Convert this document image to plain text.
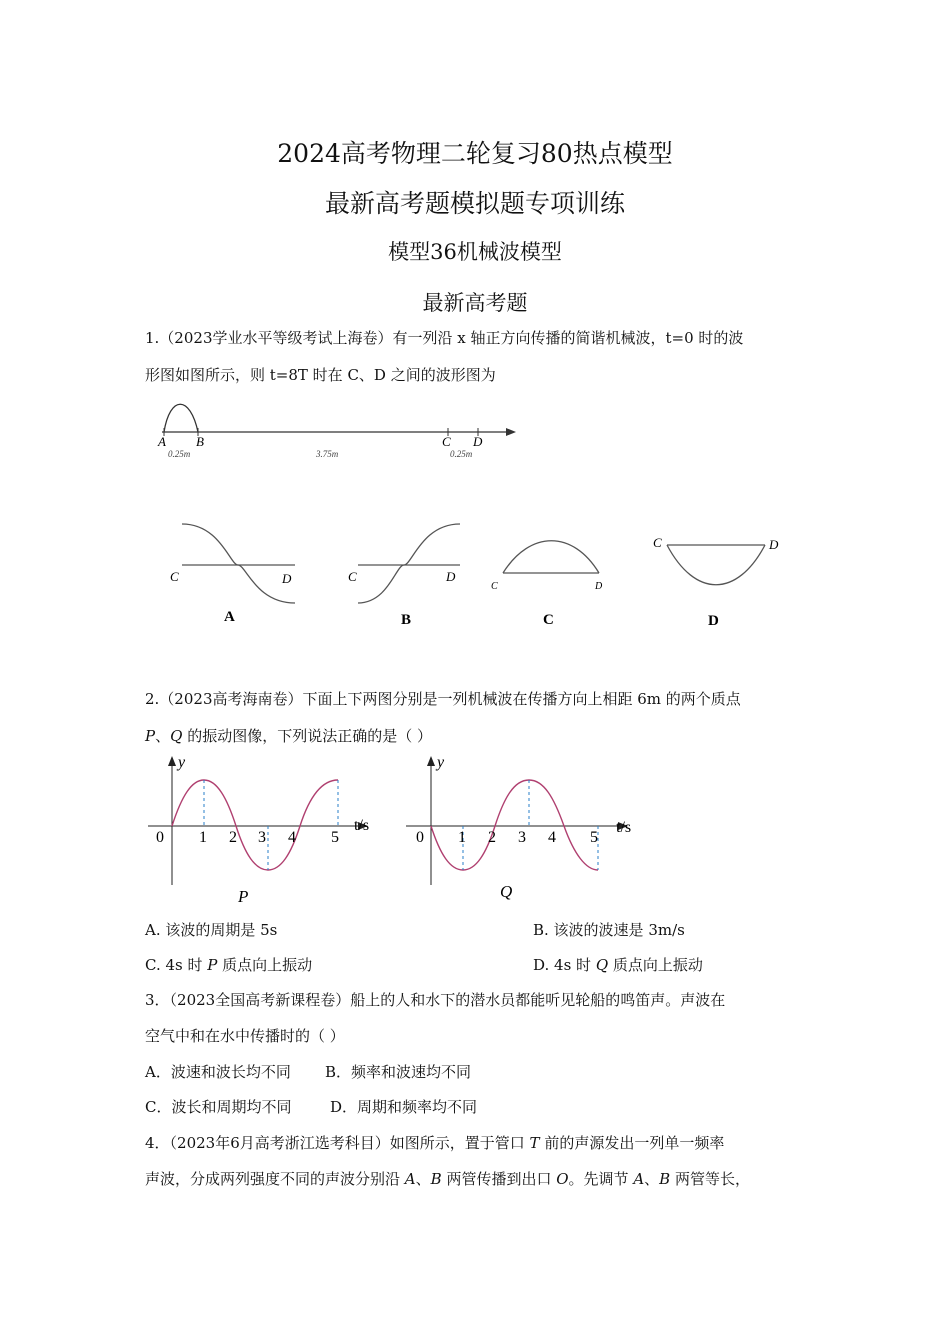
2024高考物理二轮复习80热点模型
最新高考题模拟题专项训练
模型36机械波模型
最新高考题
1.（2023学业水平等级考试上海卷）有一列沿 x 轴正方向传播的简谐机械波，t=0 时的波
形图如图所示，则 t=8T 时在 C、D 之间的波形图为
A B	C D
0.25m	3.75m	0.25m
C	D
A
C	D
B
C	D
C
C	D
D
2.（2023高考海南卷）下面上下两图分别是一列机械波在传播方向上相距 6m 的两个质点
P、Q 的振动图像，下列说法正确的是（ ）
y
t/s
0 1 2 3 4 5
P
y
t/s
0 1 2 3 4 5
Q
A. 该波的周期是 5s	B. 该波的波速是 3m/s
C. 4s 时 P 质点向上振动	D. 4s 时 Q 质点向上振动
3．（2023全国高考新课程卷）船上的人和水下的潜水员都能听见轮船的鸣笛声。声波在
空气中和在水中传播时的（ ）
A．波速和波长均不同 B．频率和波速均不同
C．波长和周期均不同	D．周期和频率均不同
4．（2023年6月高考浙江选考科目）如图所示，置于管口 T 前的声源发出一列单一频率
声波，分成两列强度不同的声波分别沿 A、B 两管传播到出口 O。先调节 A、B 两管等长，
